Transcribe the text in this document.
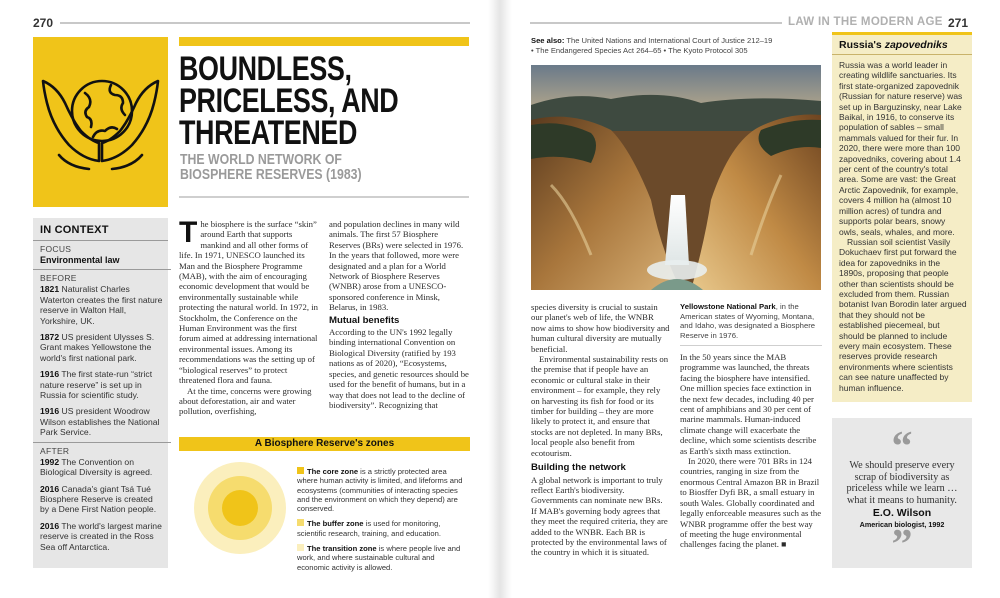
270	LAW IN THE MODERN AGE 271
BOUNDLESS,
PRICELESS, AND
THREATENED
THE WORLD NETWORK OF
BIOSPHERE RESERVES (1983)
IN CONTEXT
FOCUS
Environmental law
BEFORE
1821 Naturalist Charles Waterton creates the first nature reserve in Walton Hall, Yorkshire, UK.
1872 US president Ulysses S. Grant makes Yellowstone the world's first national park.
1916 The first state-run “strict nature reserve” is set up in Russia for scientific study.
1916 US president Woodrow Wilson establishes the National Park Service.
AFTER
1992 The Convention on Biological Diversity is agreed.
2016 Canada's giant Tsá Tué Biosphere Reserve is created by a Dene First Nation people.
2016 The world's largest marine reserve is created in the Ross Sea off Antarctica.

The biosphere is the surface “skin” around Earth that supports mankind and all other forms of life. In 1971, UNESCO launched its Man and the Biosphere Programme (MAB), with the aim of encouraging economic development that would be environmentally sustainable while protecting the natural world. In 1972, in Stockholm, the Conference on the Human Environment was the first forum aimed at addressing international environmental issues. Among its recommendations was the setting up of “biological reserves” to protect threatened flora and fauna.

At the time, concerns were growing about deforestation, air and water pollution, overfishing,

and population declines in many wild animals. The first 57 Biosphere Reserves (BRs) were selected in 1976. In the years that followed, more were designated and a plan for a World Network of Biosphere Reserves (WNBR) arose from a UNESCO-sponsored conference in Minsk, Belarus, in 1983.

Mutual benefits

According to the UN's 1992 legally binding international Convention on Biological Diversity (ratified by 193 nations as of 2020), “Ecosystems, species, and genetic resources should be used for the benefit of humans, but in a way that does not lead to the decline of biodiversity”. Recognizing that

A Biosphere Reserve's zones
The core zone is a strictly protected area where human activity is limited, and lifeforms and ecosystems (communities of interacting species and the environment on which they depend) are conserved.
The buffer zone is used for monitoring, scientific research, training, and education.
The transition zone is where people live and work, and where sustainable cultural and economic activity is allowed.
See also: The United Nations and International Court of Justice 212–19
• The Endangered Species Act 264–65 • The Kyoto Protocol 305

species diversity is crucial to sustain our planet's web of life, the WNBR now aims to show how biodiversity and human cultural diversity are mutually beneficial.

Environmental sustainability rests on the premise that if people have an economic or cultural stake in their environment – for example, they rely on harvesting its fish for food or its timber for building – they are more likely to protect it, and ensure that stocks are not depleted. In many BRs, local people also benefit from ecotourism.

Building the network

A global network is important to truly reflect Earth's biodiversity. Governments can nominate new BRs. If MAB's governing body agrees that they meet the required criteria, they are added to the WNBR. Each BR is protected by the environmental laws of the country in which it is situated.

Yellowstone National Park, in the American states of Wyoming, Montana, and Idaho, was designated a Biosphere Reserve in 1976.

In the 50 years since the MAB programme was launched, the threats facing the biosphere have intensified. One million species face extinction in the next few decades, including 40 per cent of amphibians and 30 per cent of marine mammals. Human-induced climate change will exacerbate the decline, which some scientists describe as Earth's sixth mass extinction.

In 2020, there were 701 BRs in 124 countries, ranging in size from the enormous Central Amazon BR in Brazil to Biosffer Dyfi BR, a small estuary in south Wales. Globally coordinated and legally enforceable measures such as the WNBR programme offer the best way of meeting the huge environmental challenges facing the planet. ■

Russia's zapovedniks

Russia was a world leader in creating wildlife sanctuaries. Its first state-organized zapovednik (Russian for nature reserve) was set up in Barguzinsky, near Lake Baikal, in 1916, to conserve its population of sables – small mammals valued for their fur. In 2020, there were more than 100 zapovedniks, covering about 1.4 per cent of the country's total area. Some are vast: the Great Arctic Zapovednik, for example, covers 4 million ha (almost 10 million acres) of tundra and supports polar bears, snowy owls, seals, whales, and more.

Russian soil scientist Vasily Dokuchaev first put forward the idea for zapovedniks in the 1890s, proposing that people other than scientists should be excluded from them. Russian botanist Ivan Borodin later argued that they should not be established piecemeal, but should be planned to include every main ecosystem. These reserves provide research environments where scientists can see nature unaffected by human influence.

“
We should preserve every scrap of biodiversity as priceless while we learn … what it means to humanity.
E.O. Wilson
American biologist, 1992
”
